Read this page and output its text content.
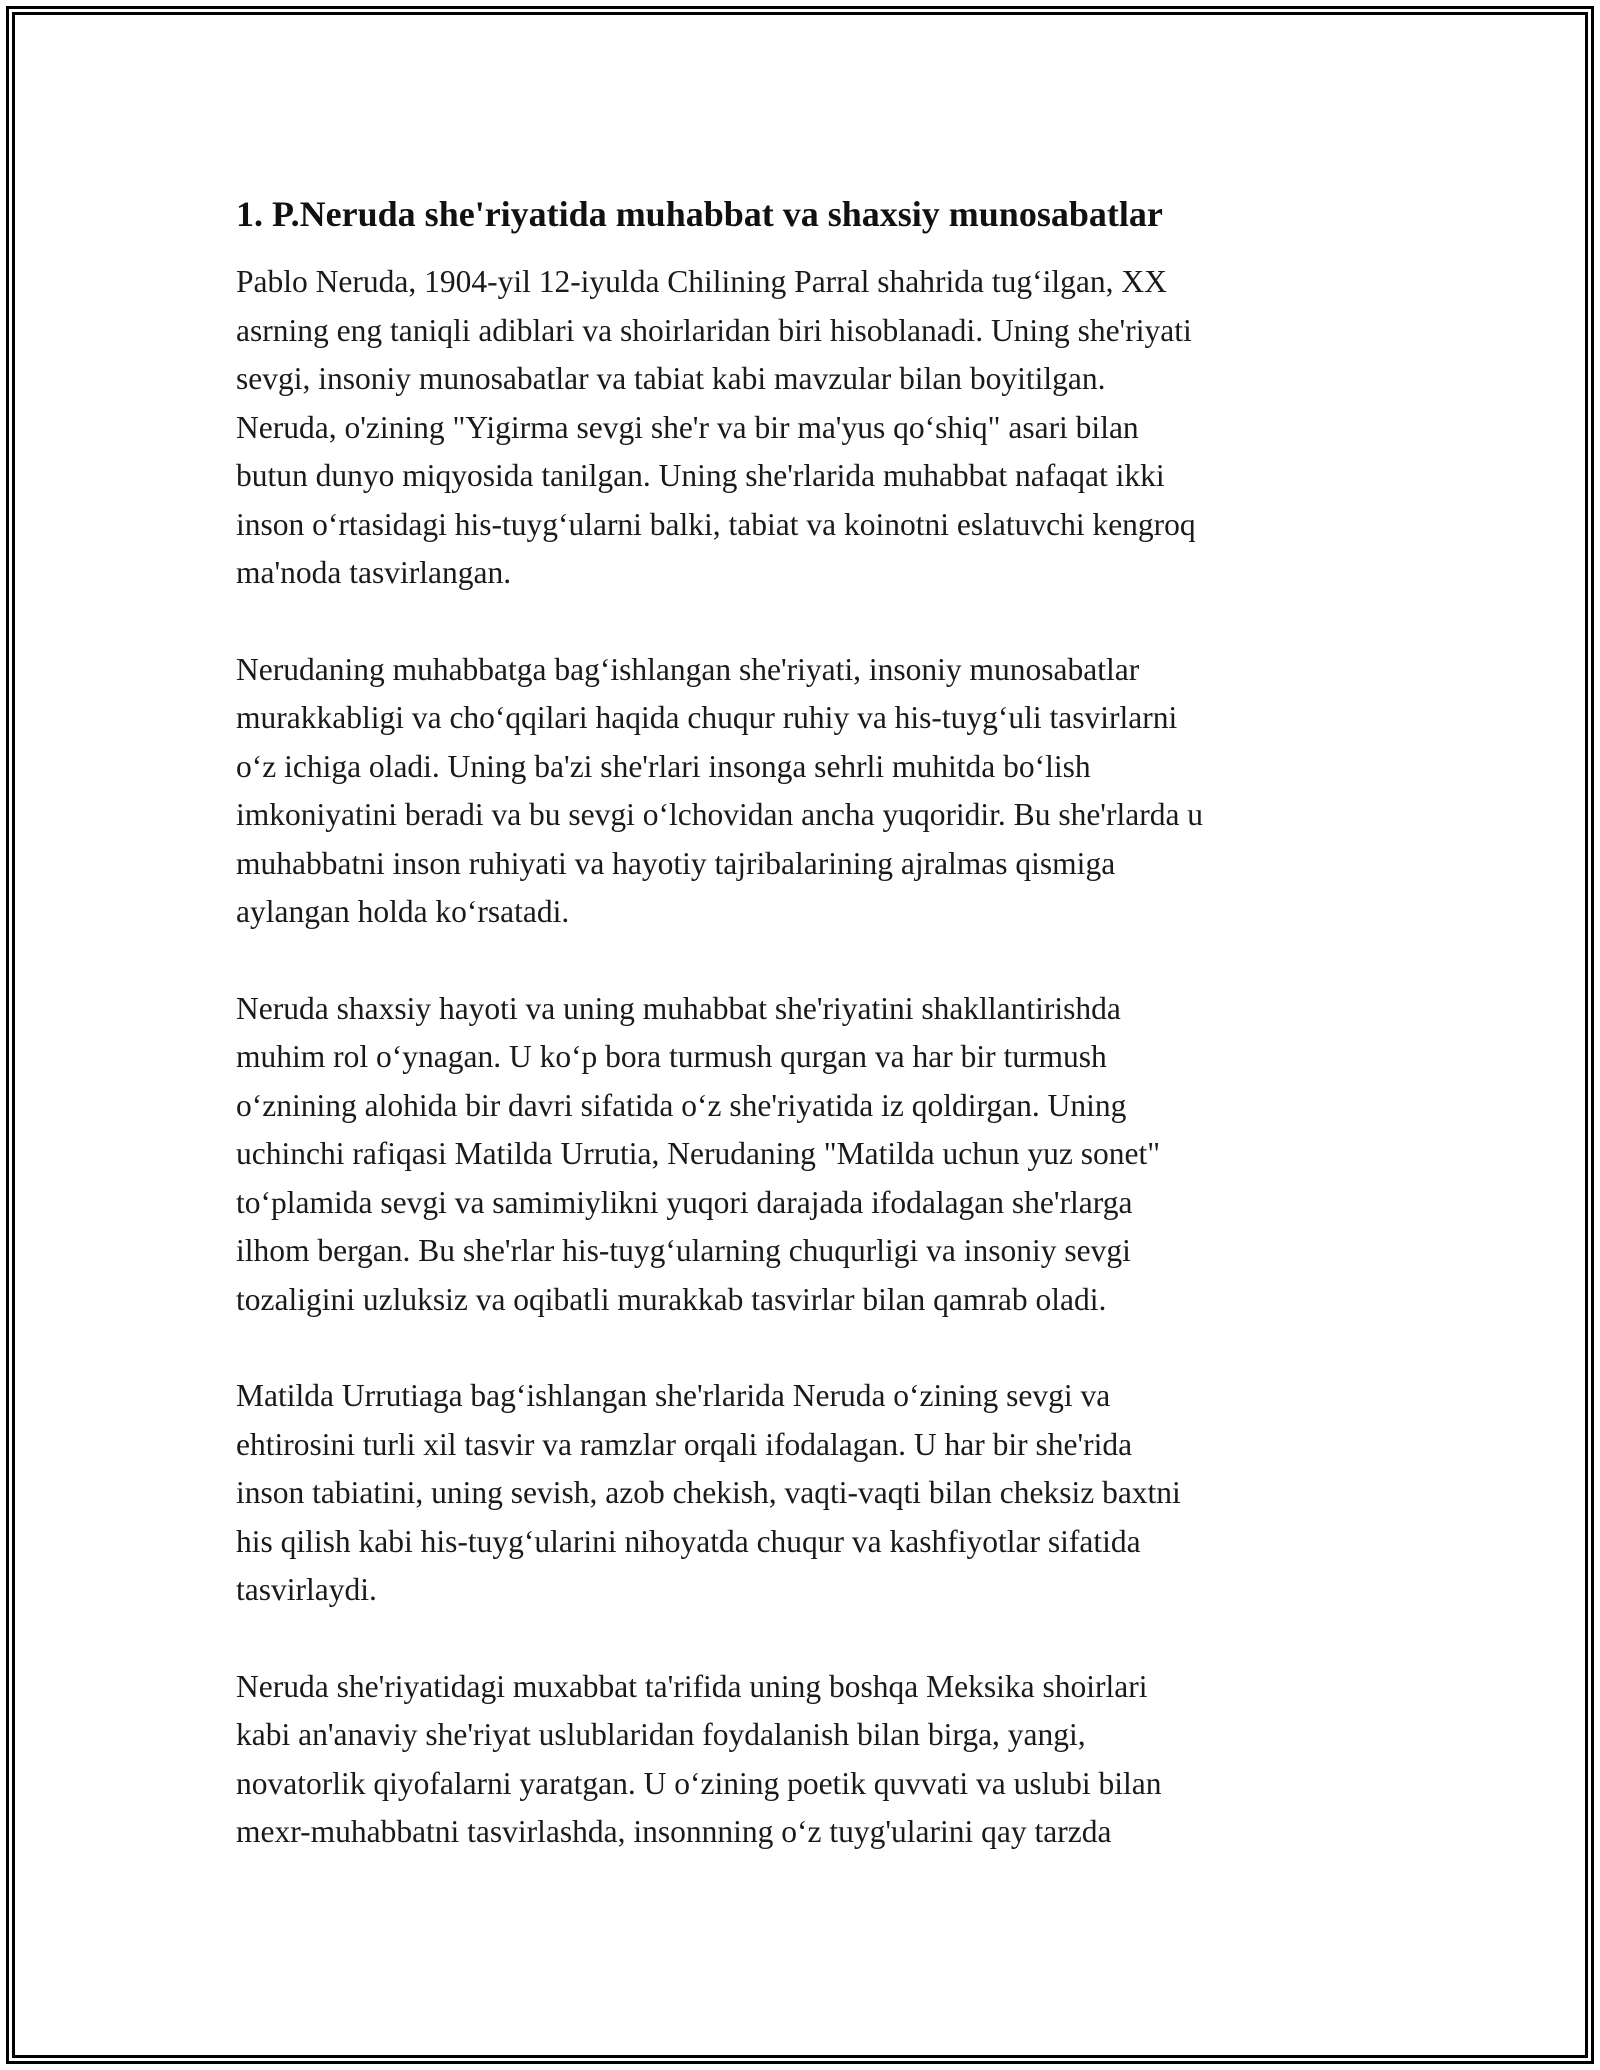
1. P.Neruda she'riyatida muhabbat va shaxsiy munosabatlar
Pablo Neruda, 1904-yil 12-iyulda Chilining Parral shahrida tug‘ilgan, XX
asrning eng taniqli adiblari va shoirlaridan biri hisoblanadi. Uning she'riyati
sevgi, insoniy munosabatlar va tabiat kabi mavzular bilan boyitilgan.
Neruda, o'zining "Yigirma sevgi she'r va bir ma'yus qo‘shiq" asari bilan
butun dunyo miqyosida tanilgan. Uning she'rlarida muhabbat nafaqat ikki
inson o‘rtasidagi his-tuyg‘ularni balki, tabiat va koinotni eslatuvchi kengroq
ma'noda tasvirlangan.
Nerudaning muhabbatga bag‘ishlangan she'riyati, insoniy munosabatlar
murakkabligi va cho‘qqilari haqida chuqur ruhiy va his-tuyg‘uli tasvirlarni
o‘z ichiga oladi. Uning ba'zi she'rlari insonga sehrli muhitda bo‘lish
imkoniyatini beradi va bu sevgi o‘lchovidan ancha yuqoridir. Bu she'rlarda u
muhabbatni inson ruhiyati va hayotiy tajribalarining ajralmas qismiga
aylangan holda ko‘rsatadi.
Neruda shaxsiy hayoti va uning muhabbat she'riyatini shakllantirishda
muhim rol o‘ynagan. U ko‘p bora turmush qurgan va har bir turmush
o‘znining alohida bir davri sifatida o‘z she'riyatida iz qoldirgan. Uning
uchinchi rafiqasi Matilda Urrutia, Nerudaning "Matilda uchun yuz sonet"
to‘plamida sevgi va samimiylikni yuqori darajada ifodalagan she'rlarga
ilhom bergan. Bu she'rlar his-tuyg‘ularning chuqurligi va insoniy sevgi
tozaligini uzluksiz va oqibatli murakkab tasvirlar bilan qamrab oladi.
Matilda Urrutiaga bag‘ishlangan she'rlarida Neruda o‘zining sevgi va
ehtirosini turli xil tasvir va ramzlar orqali ifodalagan. U har bir she'rida
inson tabiatini, uning sevish, azob chekish, vaqti-vaqti bilan cheksiz baxtni
his qilish kabi his-tuyg‘ularini nihoyatda chuqur va kashfiyotlar sifatida
tasvirlaydi.
Neruda she'riyatidagi muxabbat ta'rifida uning boshqa Meksika shoirlari
kabi an'anaviy she'riyat uslublaridan foydalanish bilan birga, yangi,
novatorlik qiyofalarni yaratgan. U o‘zining poetik quvvati va uslubi bilan
mexr-muhabbatni tasvirlashda, insonnning o‘z tuyg'ularini qay tarzda
